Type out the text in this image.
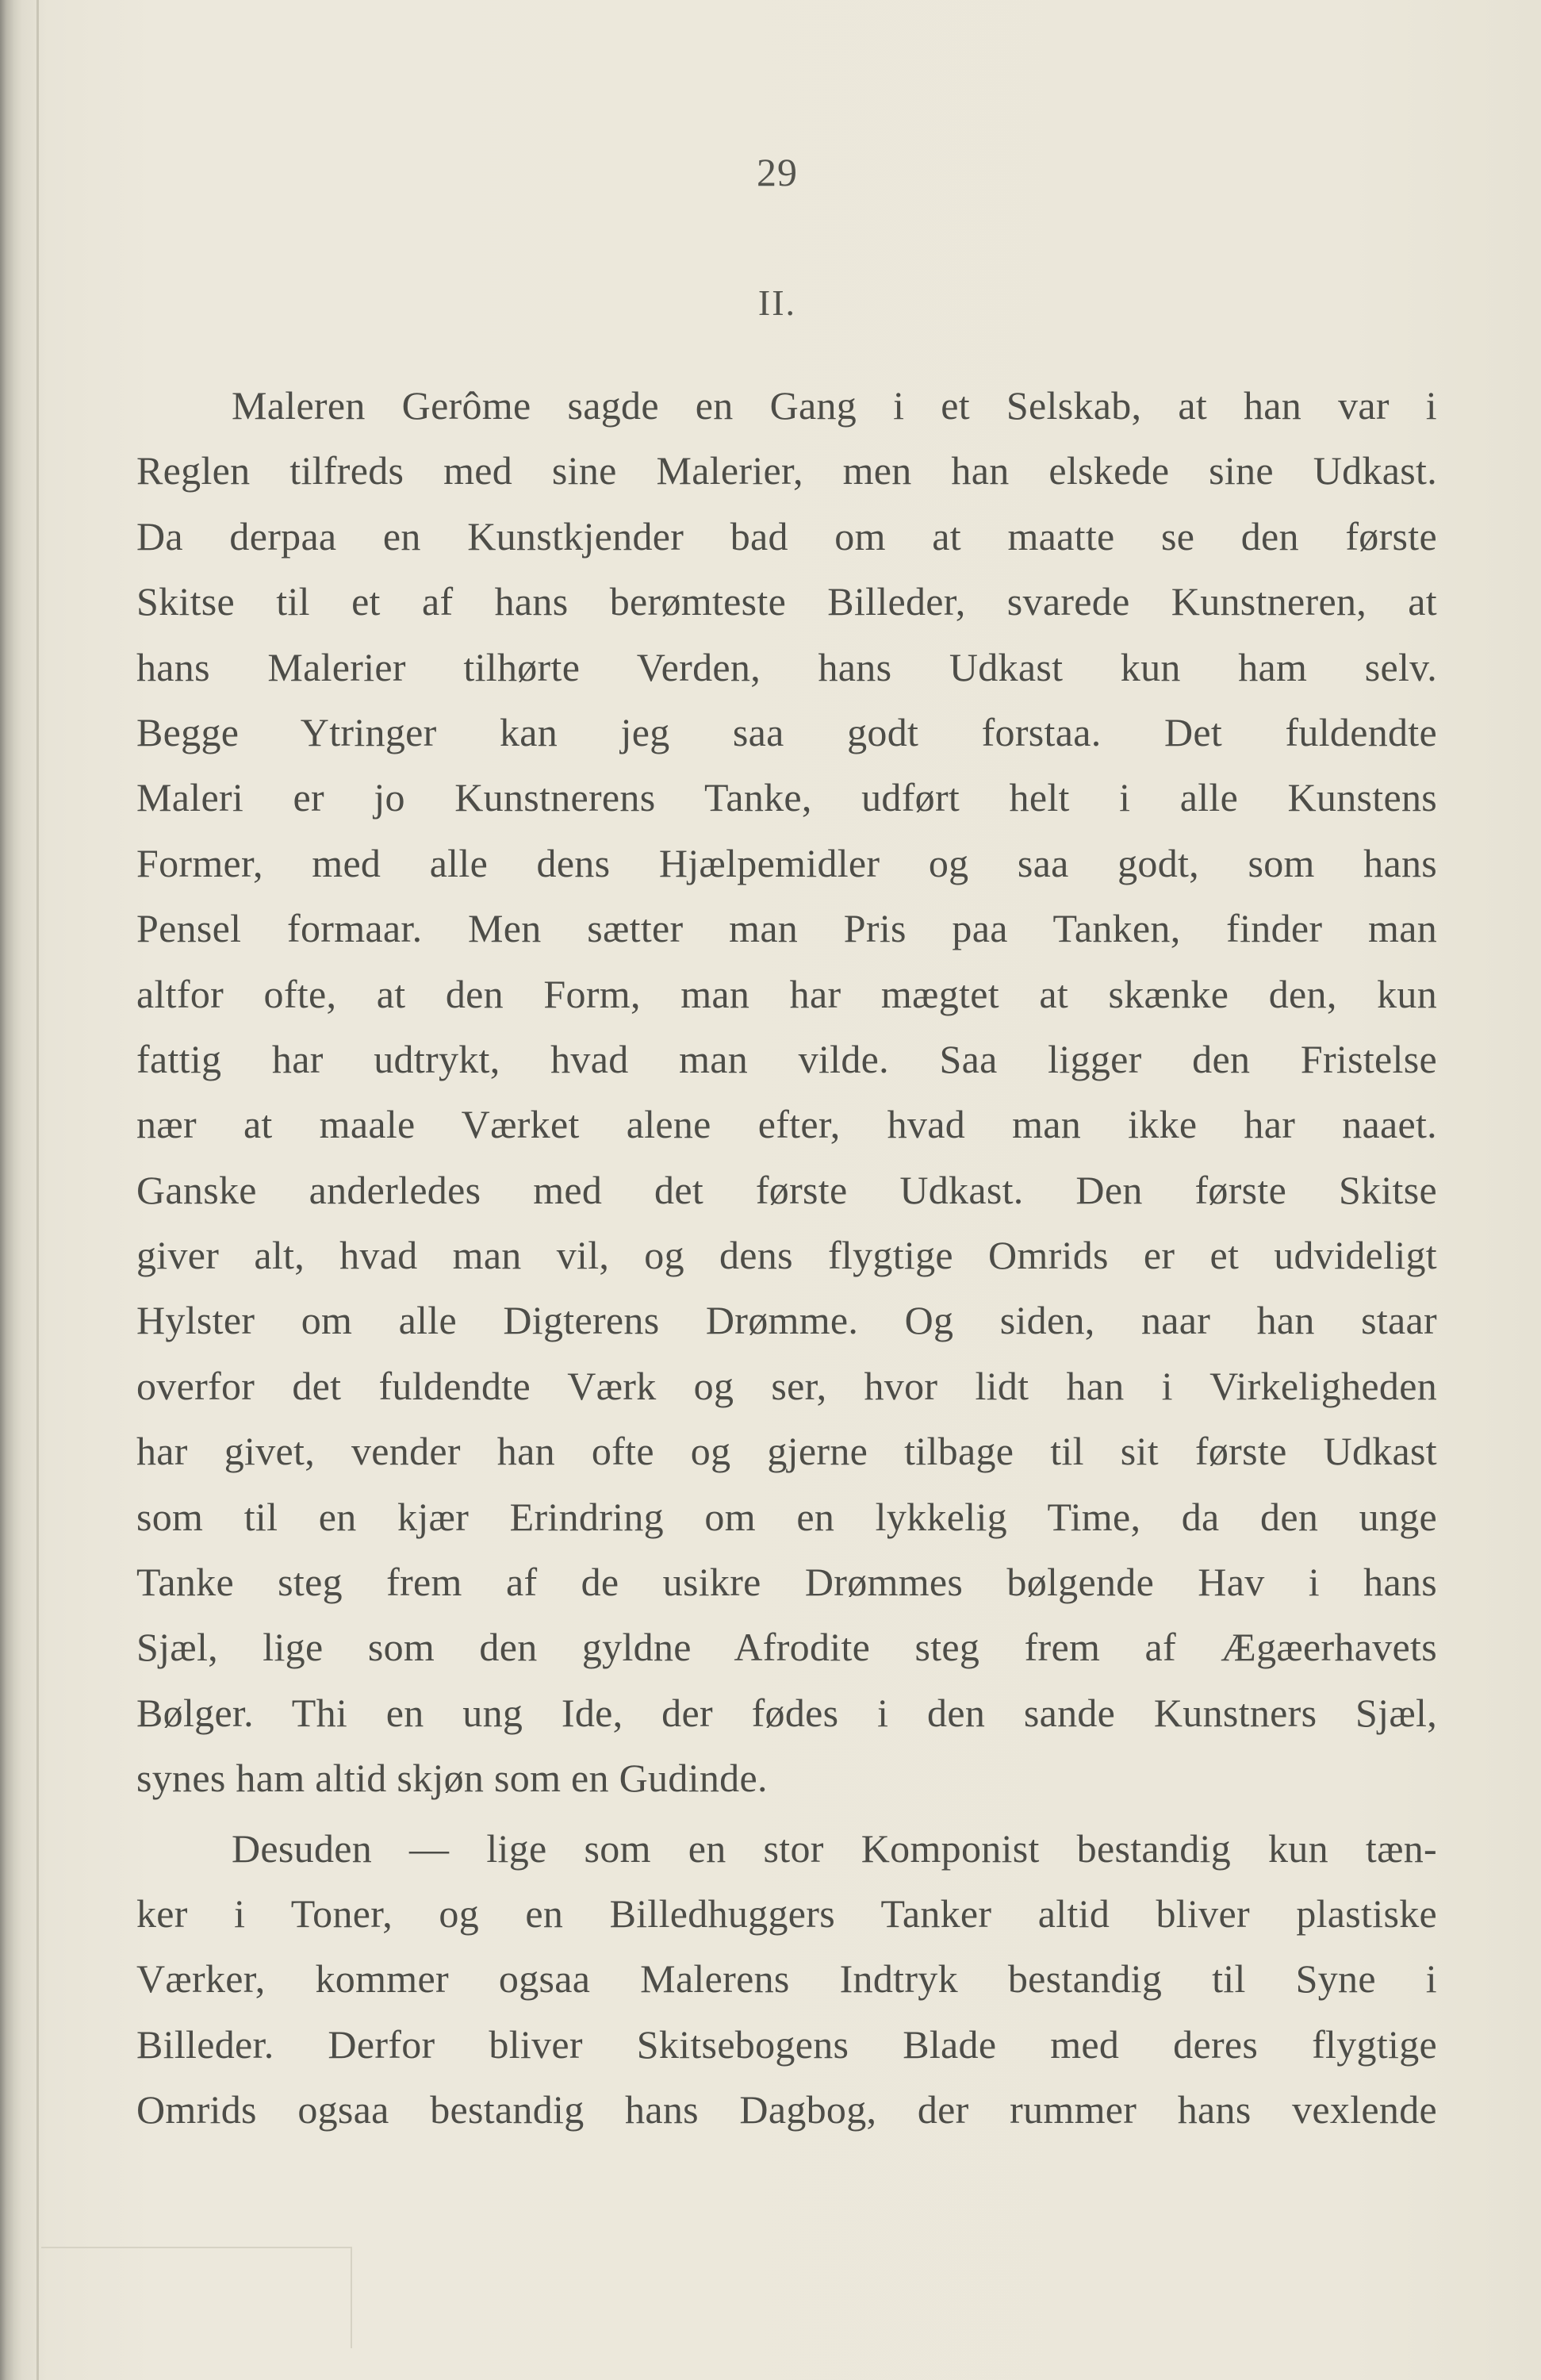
29
II.
Maleren Gerôme sagde en Gang i et Selskab, at han var i
Reglen tilfreds med sine Malerier, men han elskede sine Udkast.
Da derpaa en Kunstkjender bad om at maatte se den første
Skitse til et af hans berømteste Billeder, svarede Kunstneren, at
hans Malerier tilhørte Verden, hans Udkast kun ham selv.
Begge Ytringer kan jeg saa godt forstaa. Det fuldendte
Maleri er jo Kunstnerens Tanke, udført helt i alle Kunstens
Former, med alle dens Hjælpemidler og saa godt, som hans
Pensel formaar. Men sætter man Pris paa Tanken, finder man
altfor ofte, at den Form, man har mægtet at skænke den, kun
fattig har udtrykt, hvad man vilde. Saa ligger den Fristelse
nær at maale Værket alene efter, hvad man ikke har naaet.
Ganske anderledes med det første Udkast. Den første Skitse
giver alt, hvad man vil, og dens flygtige Omrids er et udvideligt
Hylster om alle Digterens Drømme. Og siden, naar han staar
overfor det fuldendte Værk og ser, hvor lidt han i Virkeligheden
har givet, vender han ofte og gjerne tilbage til sit første Udkast
som til en kjær Erindring om en lykkelig Time, da den unge
Tanke steg frem af de usikre Drømmes bølgende Hav i hans
Sjæl, lige som den gyldne Afrodite steg frem af Ægæerhavets
Bølger. Thi en ung Ide, der fødes i den sande Kunstners Sjæl,
synes ham altid skjøn som en Gudinde.
Desuden — lige som en stor Komponist bestandig kun tæn-
ker i Toner, og en Billedhuggers Tanker altid bliver plastiske
Værker, kommer ogsaa Malerens Indtryk bestandig til Syne i
Billeder. Derfor bliver Skitsebogens Blade med deres flygtige
Omrids ogsaa bestandig hans Dagbog, der rummer hans vexlende
